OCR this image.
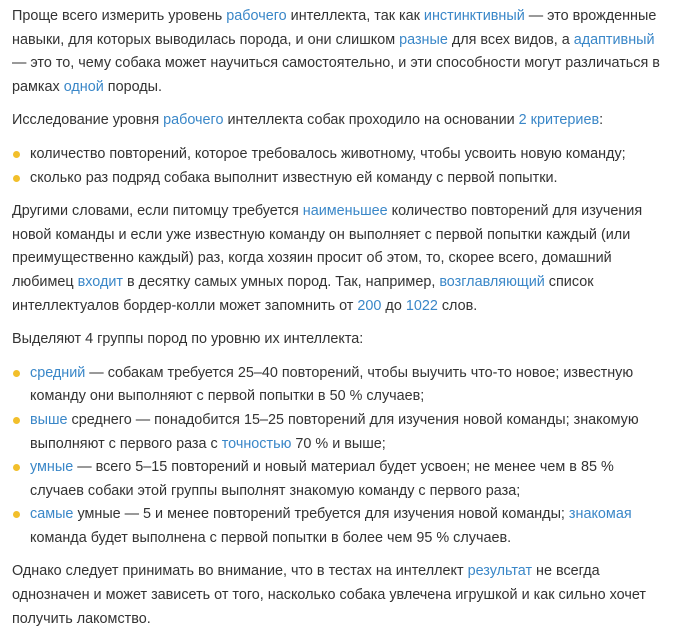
Проще всего измерить уровень рабочего интеллекта, так как инстинктивный — это врожденные навыки, для которых выводилась порода, и они слишком разные для всех видов, а адаптивный — это то, чему собака может научиться самостоятельно, и эти способности могут различаться в рамках одной породы.

Исследование уровня рабочего интеллекта собак проходило на основании 2 критериев:

количество повторений, которое требовалось животному, чтобы усвоить новую команду;
сколько раз подряд собака выполнит известную ей команду с первой попытки.

Другими словами, если питомцу требуется наименьшее количество повторений для изучения новой команды и если уже известную команду он выполняет с первой попытки каждый (или преимущественно каждый) раз, когда хозяин просит об этом, то, скорее всего, домашний любимец входит в десятку самых умных пород. Так, например, возглавляющий список интеллектуалов бордер-колли может запомнить от 200 до 1022 слов.

Выделяют 4 группы пород по уровню их интеллекта:

средний — собакам требуется 25–40 повторений, чтобы выучить что-то новое; известную команду они выполняют с первой попытки в 50 % случаев;
выше среднего — понадобится 15–25 повторений для изучения новой команды; знакомую выполняют с первого раза с точностью 70 % и выше;
умные — всего 5–15 повторений и новый материал будет усвоен; не менее чем в 85 % случаев собаки этой группы выполнят знакомую команду с первого раза;
самые умные — 5 и менее повторений требуется для изучения новой команды; знакомая команда будет выполнена с первой попытки в более чем 95 % случаев.

Однако следует принимать во внимание, что в тестах на интеллект результат не всегда однозначен и может зависеть от того, насколько собака увлечена игрушкой и как сильно хочет получить лакомство.
